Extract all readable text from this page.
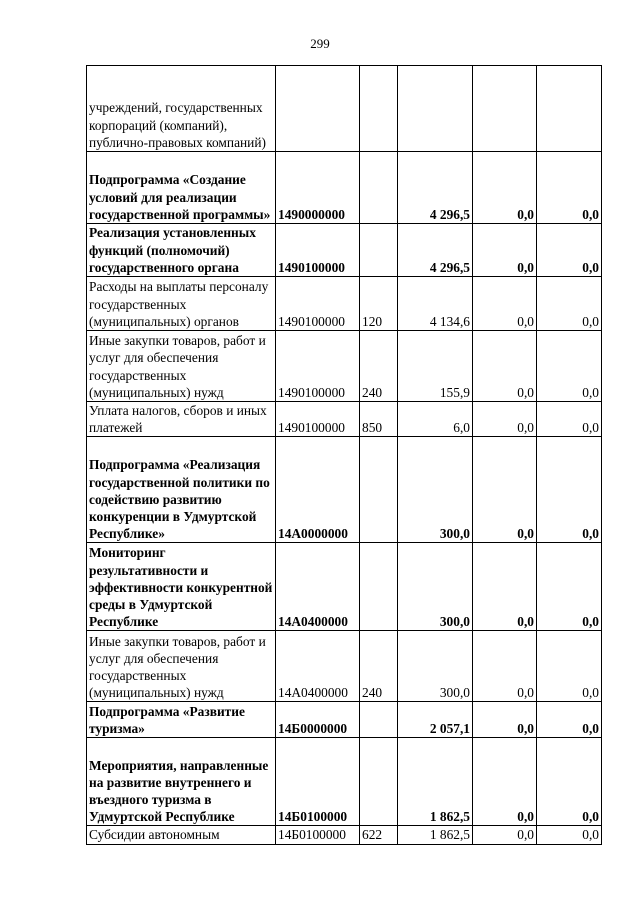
299
учреждений, государственных корпораций (компаний), публично-правовых компаний)					
Подпрограмма «Создание условий для реализации государственной программы»	1490000000		4 296,5	0,0	0,0
Реализация установленных функций (полномочий) государственного органа	1490100000		4 296,5	0,0	0,0
Расходы на выплаты персоналу государственных (муниципальных) органов	1490100000	120	4 134,6	0,0	0,0
Иные закупки товаров, работ и услуг для обеспечения государственных (муниципальных) нужд	1490100000	240	155,9	0,0	0,0
Уплата налогов, сборов и иных платежей	1490100000	850	6,0	0,0	0,0
Подпрограмма «Реализация государственной политики по содействию развитию конкуренции в Удмуртской Республике»	14А0000000		300,0	0,0	0,0
Мониторинг результативности и эффективности конкурентной среды в Удмуртской Республике	14А0400000		300,0	0,0	0,0
Иные закупки товаров, работ и услуг для обеспечения государственных (муниципальных) нужд	14А0400000	240	300,0	0,0	0,0
Подпрограмма «Развитие туризма»	14Б0000000		2 057,1	0,0	0,0
Мероприятия, направленные на развитие внутреннего и въездного туризма в Удмуртской Республике	14Б0100000		1 862,5	0,0	0,0
Субсидии автономным	14Б0100000	622	1 862,5	0,0	0,0
